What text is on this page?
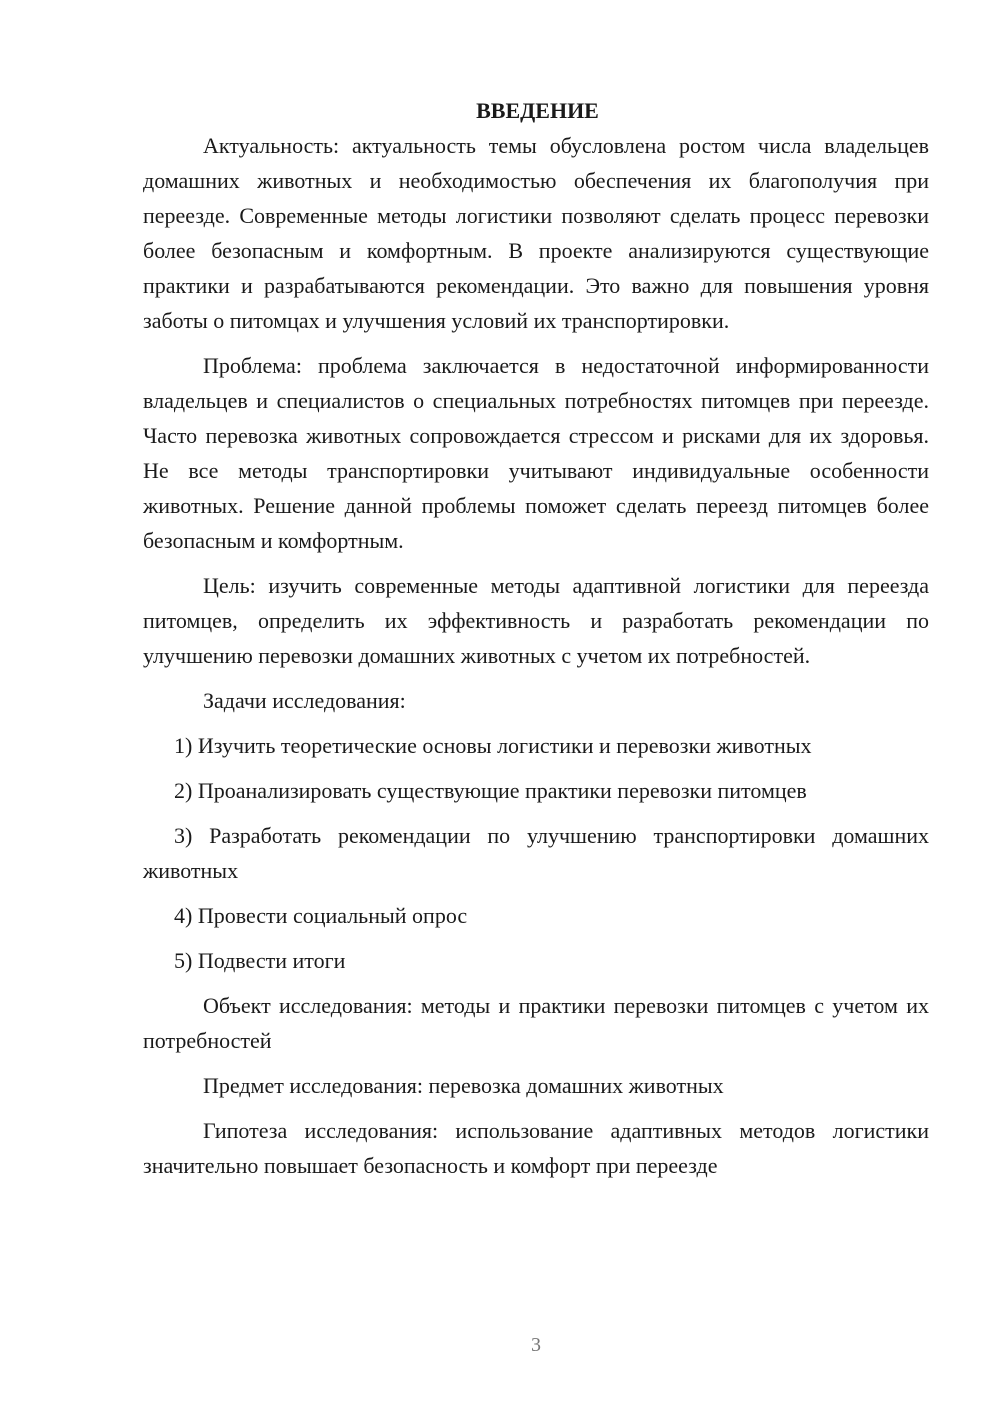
ВВЕДЕНИЕ

Актуальность: актуальность темы обусловлена ростом числа владельцев домашних животных и необходимостью обеспечения их благополучия при переезде. Современные методы логистики позволяют сделать процесс перевозки более безопасным и комфортным. В проекте анализируются существующие практики и разрабатываются рекомендации. Это важно для повышения уровня заботы о питомцах и улучшения условий их транспортировки.

Проблема: проблема заключается в недостаточной информированности владельцев и специалистов о специальных потребностях питомцев при переезде. Часто перевозка животных сопровождается стрессом и рисками для их здоровья. Не все методы транспортировки учитывают индивидуальные особенности животных. Решение данной проблемы поможет сделать переезд питомцев более безопасным и комфортным.

Цель: изучить современные методы адаптивной логистики для переезда питомцев, определить их эффективность и разработать рекомендации по улучшению перевозки домашних животных с учетом их потребностей.

Задачи исследования:

1) Изучить теоретические основы логистики и перевозки животных

2) Проанализировать существующие практики перевозки питомцев

3) Разработать рекомендации по улучшению транспортировки домашних животных

4) Провести социальный опрос

5) Подвести итоги

Объект исследования: методы и практики перевозки питомцев с учетом их потребностей

Предмет исследования: перевозка домашних животных

Гипотеза исследования: использование адаптивных методов логистики значительно повышает безопасность и комфорт при переезде

3
